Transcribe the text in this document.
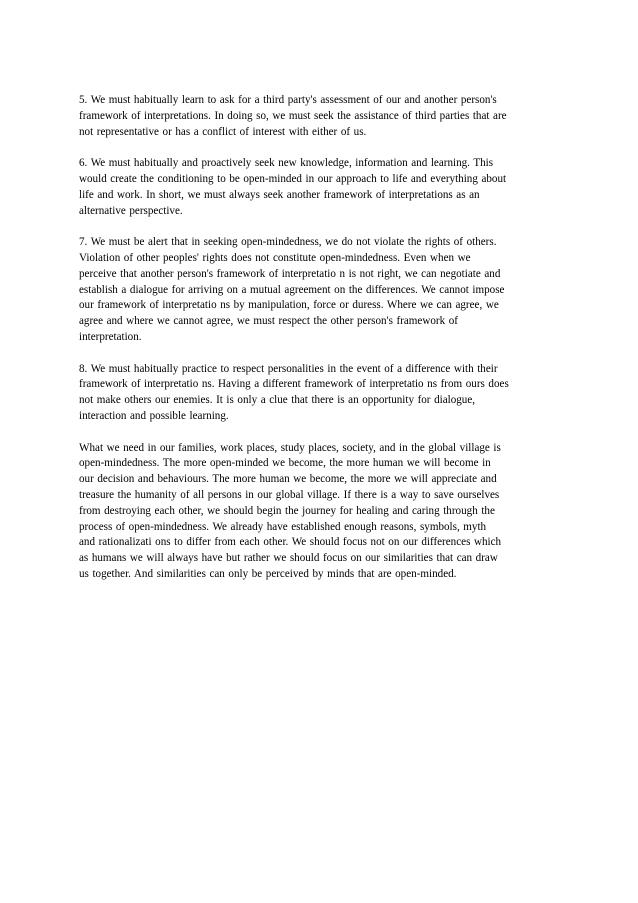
5. We must habitually learn to ask for a third party's assessment of our and another person's
framework of interpretations. In doing so, we must seek the assistance of third parties that are
not representative or has a conflict of interest with either of us.

6. We must habitually and proactively seek new knowledge, information and learning. This
would create the conditioning to be open-minded in our approach to life and everything about
life and work. In short, we must always seek another framework of interpretations as an
alternative perspective.

7. We must be alert that in seeking open-mindedness, we do not violate the rights of others.
Violation of other peoples' rights does not constitute open-mindedness. Even when we
perceive that another person's framework of interpretatio n is not right, we can negotiate and
establish a dialogue for arriving on a mutual agreement on the differences. We cannot impose
our framework of interpretatio ns by manipulation, force or duress. Where we can agree, we
agree and where we cannot agree, we must respect the other person's framework of
interpretation.

8. We must habitually practice to respect personalities in the event of a difference with their
framework of interpretatio ns. Having a different framework of interpretatio ns from ours does
not make others our enemies. It is only a clue that there is an opportunity for dialogue,
interaction and possible learning.

What we need in our families, work places, study places, society, and in the global village is
open-mindedness. The more open-minded we become, the more human we will become in
our decision and behaviours. The more human we become, the more we will appreciate and
treasure the humanity of all persons in our global village. If there is a way to save ourselves
from destroying each other, we should begin the journey for healing and caring through the
process of open-mindedness. We already have established enough reasons, symbols, myth
and rationalizati ons to differ from each other. We should focus not on our differences which
as humans we will always have but rather we should focus on our similarities that can draw
us together. And similarities can only be perceived by minds that are open-minded.
